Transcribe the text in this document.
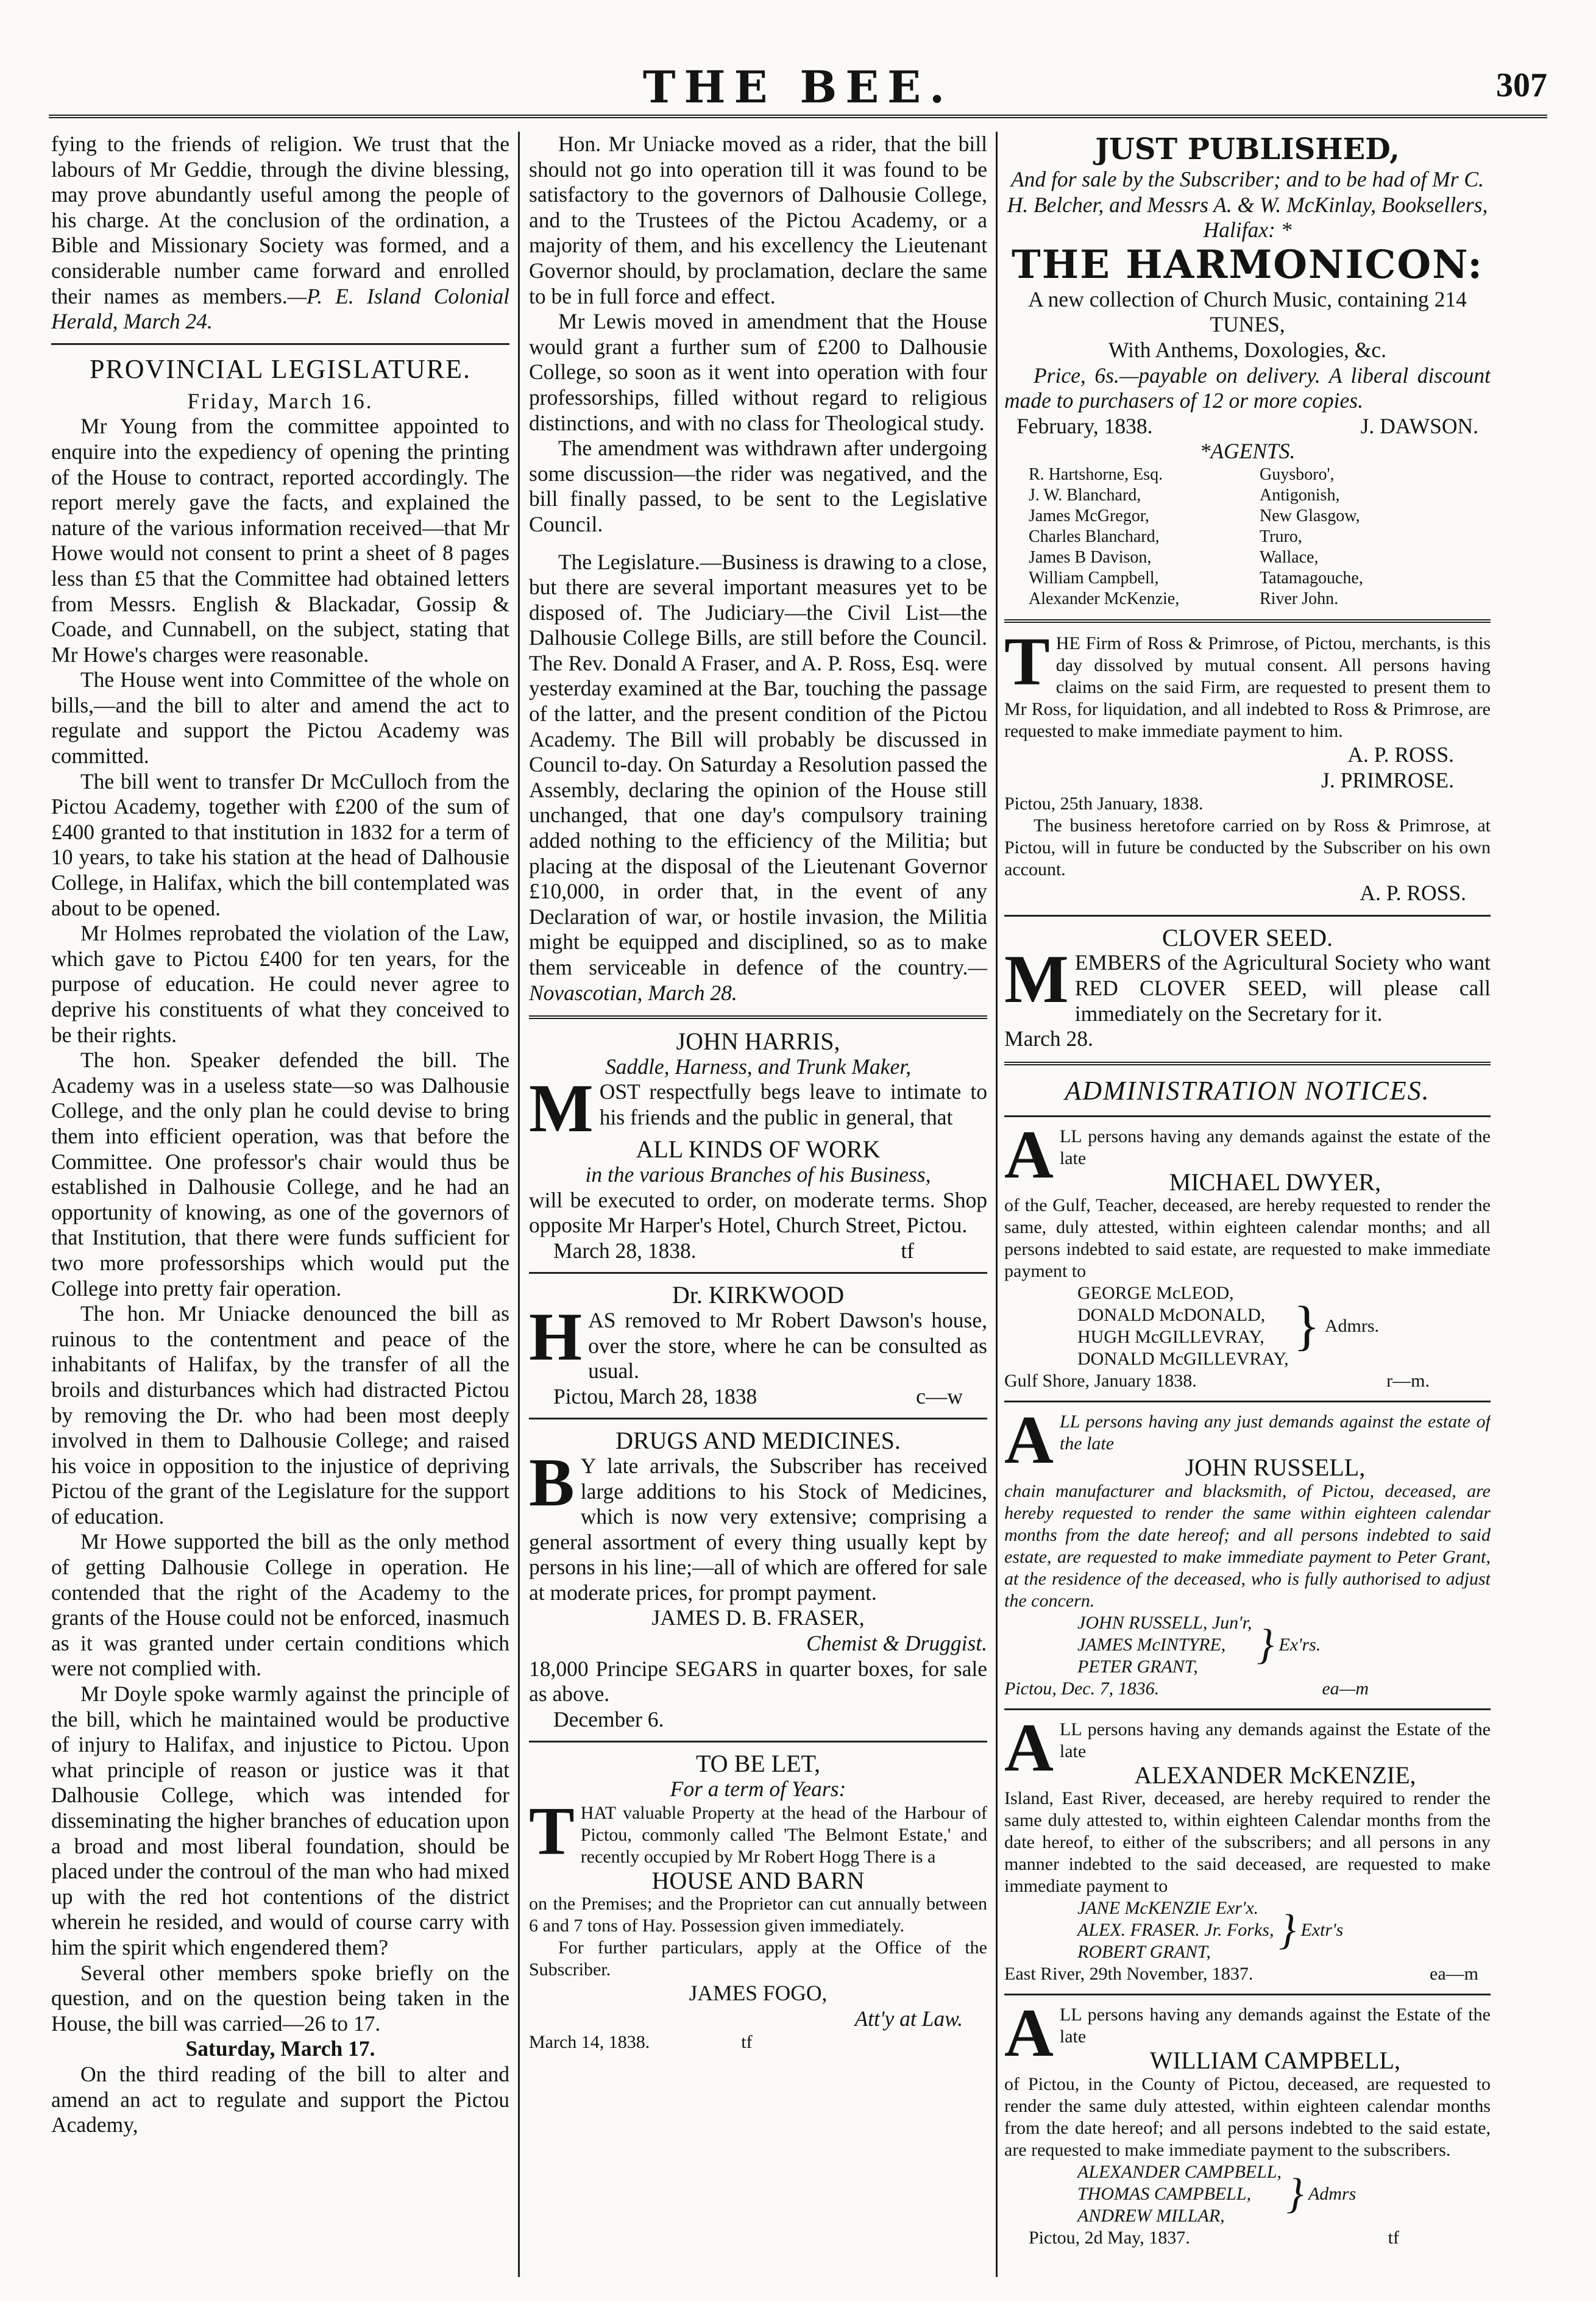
THE BEE.	307

fying to the friends of religion. We trust that the labours of Mr Geddie, through the divine blessing, may prove abundantly useful among the people of his charge. At the conclusion of the ordination, a Bible and Missionary Society was formed, and a considerable number came forward and enrolled their names as members.—P. E. Island Colonial Herald, March 24.

PROVINCIAL LEGISLATURE.

Friday, March 16.

Mr Young from the committee appointed to enquire into the expediency of opening the printing of the House to contract, reported accordingly. The report merely gave the facts, and explained the nature of the various information received—that Mr Howe would not consent to print a sheet of 8 pages less than £5 that the Committee had obtained letters from Messrs. English & Blackadar, Gossip & Coade, and Cunnabell, on the subject, stating that Mr Howe's charges were reasonable.

The House went into Committee of the whole on bills,—and the bill to alter and amend the act to regulate and support the Pictou Academy was committed.

The bill went to transfer Dr McCulloch from the Pictou Academy, together with £200 of the sum of £400 granted to that institution in 1832 for a term of 10 years, to take his station at the head of Dalhousie College, in Halifax, which the bill contemplated was about to be opened.

Mr Holmes reprobated the violation of the Law, which gave to Pictou £400 for ten years, for the purpose of education. He could never agree to deprive his constituents of what they conceived to be their rights.

The hon. Speaker defended the bill. The Academy was in a useless state—so was Dalhousie College, and the only plan he could devise to bring them into efficient operation, was that before the Committee. One professor's chair would thus be established in Dalhousie College, and he had an opportunity of knowing, as one of the governors of that Institution, that there were funds sufficient for two more professorships which would put the College into pretty fair operation.

The hon. Mr Uniacke denounced the bill as ruinous to the contentment and peace of the inhabitants of Halifax, by the transfer of all the broils and disturbances which had distracted Pictou by removing the Dr. who had been most deeply involved in them to Dalhousie College; and raised his voice in opposition to the injustice of depriving Pictou of the grant of the Legislature for the support of education.

Mr Howe supported the bill as the only method of getting Dalhousie College in operation. He contended that the right of the Academy to the grants of the House could not be enforced, inasmuch as it was granted under certain conditions which were not complied with.

Mr Doyle spoke warmly against the principle of the bill, which he maintained would be productive of injury to Halifax, and injustice to Pictou. Upon what principle of reason or justice was it that Dalhousie College, which was intended for disseminating the higher branches of education upon a broad and most liberal foundation, should be placed under the controul of the man who had mixed up with the red hot contentions of the district wherein he resided, and would of course carry with him the spirit which engendered them?

Several other members spoke briefly on the question, and on the question being taken in the House, the bill was carried—26 to 17.

Saturday, March 17.

On the third reading of the bill to alter and amend an act to regulate and support the Pictou Academy,

Hon. Mr Uniacke moved as a rider, that the bill should not go into operation till it was found to be satisfactory to the governors of Dalhousie College, and to the Trustees of the Pictou Academy, or a majority of them, and his excellency the Lieutenant Governor should, by proclamation, declare the same to be in full force and effect.

Mr Lewis moved in amendment that the House would grant a further sum of £200 to Dalhousie College, so soon as it went into operation with four professorships, filled without regard to religious distinctions, and with no class for Theological study.

The amendment was withdrawn after undergoing some discussion—the rider was negatived, and the bill finally passed, to be sent to the Legislative Council.

The Legislature.—Business is drawing to a close, but there are several important measures yet to be disposed of. The Judiciary—the Civil List—the Dalhousie College Bills, are still before the Council. The Rev. Donald A Fraser, and A. P. Ross, Esq. were yesterday examined at the Bar, touching the passage of the latter, and the present condition of the Pictou Academy. The Bill will probably be discussed in Council to-day. On Saturday a Resolution passed the Assembly, declaring the opinion of the House still unchanged, that one day's compulsory training added nothing to the efficiency of the Militia; but placing at the disposal of the Lieutenant Governor £10,000, in order that, in the event of any Declaration of war, or hostile invasion, the Militia might be equipped and disciplined, so as to make them serviceable in defence of the country.—Novascotian, March 28.

JOHN HARRIS,

Saddle, Harness, and Trunk Maker,

MOST respectfully begs leave to intimate to his friends and the public in general, that

ALL KINDS OF WORK

in the various Branches of his Business,

will be executed to order, on moderate terms. Shop opposite Mr Harper's Hotel, Church Street, Pictou.

March 28, 1838.	tf

Dr. KIRKWOOD

HAS removed to Mr Robert Dawson's house, over the store, where he can be consulted as usual.

Pictou, March 28, 1838	c—w

DRUGS AND MEDICINES.

B Y late arrivals, the Subscriber has received large additions to his Stock of Medicines, which is now very extensive; comprising a general assortment of every thing usually kept by persons in his line;—all of which are offered for sale at moderate prices, for prompt payment.

JAMES D. B. FRASER,

Chemist & Druggist.

18,000 Principe SEGARS in quarter boxes, for sale as above.

December 6.

TO BE LET,

For a term of Years:

THAT valuable Property at the head of the Harbour of Pictou, commonly called 'The Belmont Estate,' and recently occupied by Mr Robert Hogg There is a

HOUSE AND BARN

on the Premises; and the Proprietor can cut annually between 6 and 7 tons of Hay. Possession given immediately.

For further particulars, apply at the Office of the Subscriber.

JAMES FOGO,

Att'y at Law.

March 14, 1838.	tf

JUST PUBLISHED,

And for sale by the Subscriber; and to be had of Mr C. H. Belcher, and Messrs A. & W. McKinlay, Booksellers, Halifax: *

THE HARMONICON:

A new collection of Church Music, containing 214 TUNES,

With Anthems, Doxologies, &c.

Price, 6s.—payable on delivery. A liberal discount made to purchasers of 12 or more copies.

February, 1838.	J. DAWSON.

*AGENTS.

R. Hartshorne, Esq.	Guysboro',
J. W. Blanchard,	Antigonish,
James McGregor,	New Glasgow,
Charles Blanchard,	Truro,
James B Davison,	Wallace,
William Campbell,	Tatamagouche,
Alexander McKenzie,	River John.

THE Firm of Ross & Primrose, of Pictou, merchants, is this day dissolved by mutual consent. All persons having claims on the said Firm, are requested to present them to Mr Ross, for liquidation, and all indebted to Ross & Primrose, are requested to make immediate payment to him.

A. P. ROSS.

J. PRIMROSE.

Pictou, 25th January, 1838.

The business heretofore carried on by Ross & Primrose, at Pictou, will in future be conducted by the Subscriber on his own account.

A. P. ROSS.

CLOVER SEED.

MEMBERS of the Agricultural Society who want RED CLOVER SEED, will please call immediately on the Secretary for it.

March 28.

ADMINISTRATION NOTICES.

ALL persons having any demands against the estate of the late

MICHAEL DWYER,

of the Gulf, Teacher, deceased, are hereby requested to render the same, duly attested, within eighteen calendar months; and all persons indebted to said estate, are requested to make immediate payment to

GEORGE McLEOD,
DONALD McDONALD,
HUGH McGILLEVRAY,
DONALD McGILLEVRAY,
} Admrs.

Gulf Shore, January 1838.	r—m.

ALL persons having any just demands against the estate of the late

JOHN RUSSELL,

chain manufacturer and blacksmith, of Pictou, deceased, are hereby requested to render the same within eighteen calendar months from the date hereof; and all persons indebted to said estate, are requested to make immediate payment to Peter Grant, at the residence of the deceased, who is fully authorised to adjust the concern.

JOHN RUSSELL, Jun'r,
JAMES McINTYRE,
PETER GRANT,	} Ex'rs.

Pictou, Dec. 7, 1836.	ea—m

ALL persons having any demands against the Estate of the late

ALEXANDER McKENZIE,

Island, East River, deceased, are hereby required to render the same duly attested to, within eighteen Calendar months from the date hereof, to either of the subscribers; and all persons in any manner indebted to the said deceased, are requested to make immediate payment to

JANE McKENZIE Exr'x.
ALEX. FRASER. Jr. Forks,
ROBERT GRANT,	} Extr's

East River, 29th November, 1837.	ea—m

ALL persons having any demands against the Estate of the late

WILLIAM CAMPBELL,

of Pictou, in the County of Pictou, deceased, are requested to render the same duly attested, within eighteen calendar months from the date hereof; and all persons indebted to the said estate, are requested to make immediate payment to the subscribers.

ALEXANDER CAMPBELL,
THOMAS CAMPBELL,
ANDREW MILLAR,	} Admrs

Pictou, 2d May, 1837.	tf
